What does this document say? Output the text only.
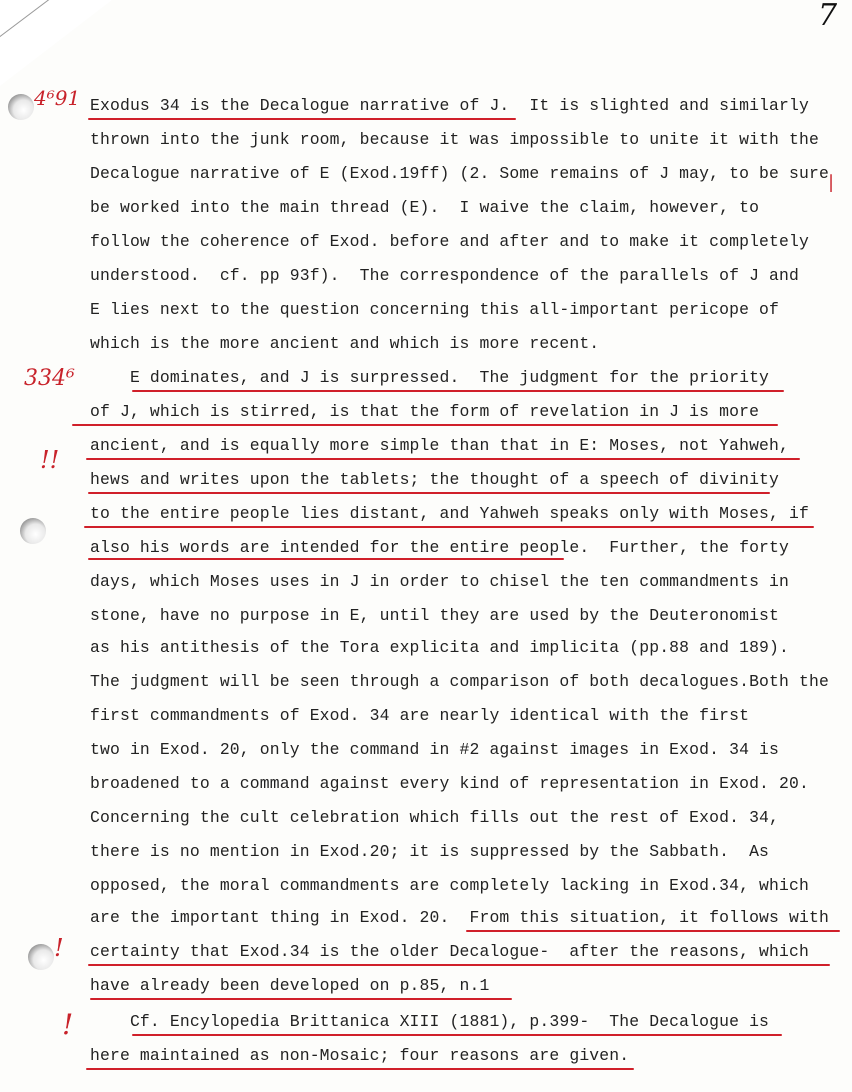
7
4⁶91
334⁶
!!
!
!
|
Exodus 34 is the Decalogue narrative of J.  It is slighted and similarly
thrown into the junk room, because it was impossible to unite it with the
Decalogue narrative of E (Exod.19ff) (2. Some remains of J may, to be sure
be worked into the main thread (E).  I waive the claim, however, to
follow the coherence of Exod. before and after and to make it completely
understood.  cf. pp 93f).  The correspondence of the parallels of J and
E lies next to the question concerning this all-important pericope of
which is the more ancient and which is more recent.
E dominates, and J is surpressed.  The judgment for the priority
of J, which is stirred, is that the form of revelation in J is more
ancient, and is equally more simple than that in E: Moses, not Yahweh,
hews and writes upon the tablets; the thought of a speech of divinity
to the entire people lies distant, and Yahweh speaks only with Moses, if
also his words are intended for the entire people.  Further, the forty
days, which Moses uses in J in order to chisel the ten commandments in
stone, have no purpose in E, until they are used by the Deuteronomist
as his antithesis of the Tora explicita and implicita (pp.88 and 189).
The judgment will be seen through a comparison of both decalogues.Both the
first commandments of Exod. 34 are nearly identical with the first
two in Exod. 20, only the command in #2 against images in Exod. 34 is
broadened to a command against every kind of representation in Exod. 20.
Concerning the cult celebration which fills out the rest of Exod. 34,
there is no mention in Exod.20; it is suppressed by the Sabbath.  As
opposed, the moral commandments are completely lacking in Exod.34, which
are the important thing in Exod. 20.  From this situation, it follows with
certainty that Exod.34 is the older Decalogue-  after the reasons, which
have already been developed on p.85, n.1
Cf. Encylopedia Brittanica XIII (1881), p.399-  The Decalogue is
here maintained as non-Mosaic; four reasons are given.
